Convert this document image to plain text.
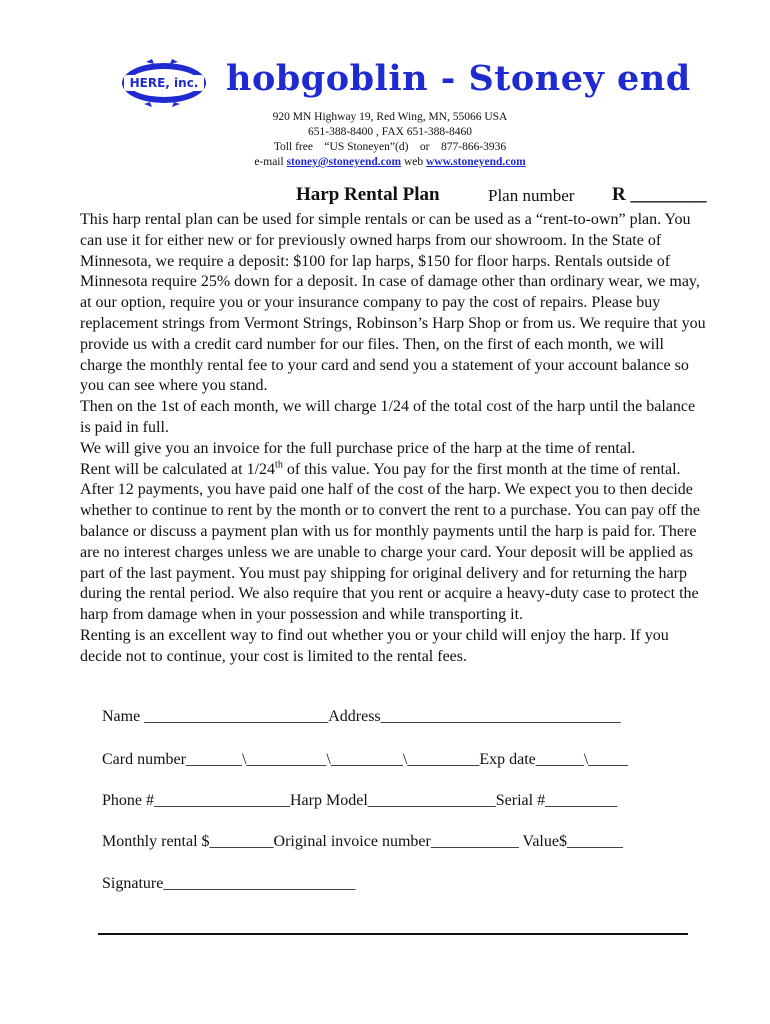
HERE, inc. hobgoblin - Stoney end
920 MN Highway 19, Red Wing, MN, 55066 USA
651-388-8400 , FAX 651-388-8460
Toll free    “US Stoneyen”(d)    or    877-866-3936
e-mail stoney@stoneyend.com web www.stoneyend.com
Harp Rental Plan	Plan number R ________

This harp rental plan can be used for simple rentals or can be used as a “rent-to-own” plan. You can use it for either new or for previously owned harps from our showroom. In the State of Minnesota, we require a deposit: $100 for lap harps, $150 for floor harps. Rentals outside of Minnesota require 25% down for a deposit. In case of damage other than ordinary wear, we may, at our option, require you or your insurance company to pay the cost of repairs. Please buy replacement strings from Vermont Strings, Robinson’s Harp Shop or from us. We require that you provide us with a credit card number for our files. Then, on the first of each month, we will charge the monthly rental fee to your card and send you a statement of your account balance so you can see where you stand.

Then on the 1st of each month, we will charge 1/24 of the total cost of the harp until the balance is paid in full.

We will give you an invoice for the full purchase price of the harp at the time of rental.

Rent will be calculated at 1/24th of this value. You pay for the first month at the time of rental. After 12 payments, you have paid one half of the cost of the harp. We expect you to then decide whether to continue to rent by the month or to convert the rent to a purchase. You can pay off the balance or discuss a payment plan with us for monthly payments until the harp is paid for. There are no interest charges unless we are unable to charge your card. Your deposit will be applied as part of the last payment. You must pay shipping for original delivery and for returning the harp during the rental period. We also require that you rent or acquire a heavy-duty case to protect the harp from damage when in your possession and while transporting it.

Renting is an excellent way to find out whether you or your child will enjoy the harp. If you decide not to continue, your cost is limited to the rental fees.

Name _______________________Address______________________________
Card number_______\__________\_________\_________Exp date______\_____
Phone #_________________Harp Model________________Serial #_________
Monthly rental $________Original invoice number___________ Value$_______
Signature________________________
